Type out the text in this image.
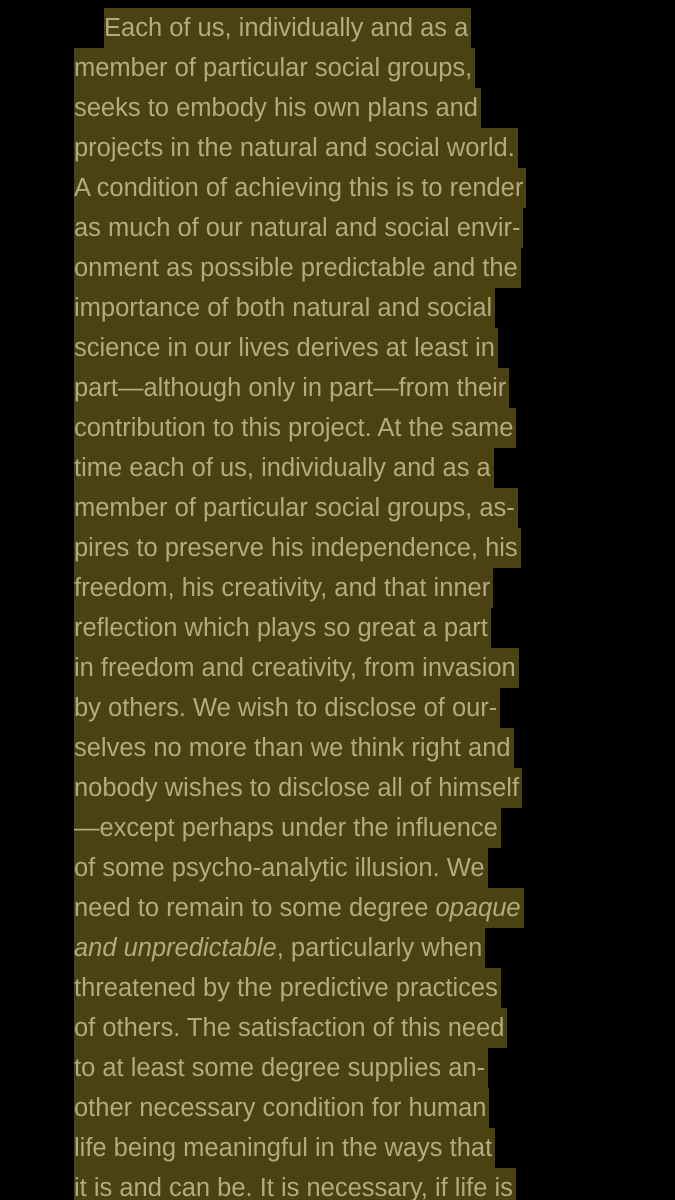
Each of us, individually and as a
member of particular social groups,
seeks to embody his own plans and
projects in the natural and social world.
A condition of achieving this is to render
as much of our natural and social envir-
onment as possible predictable and the
importance of both natural and social
science in our lives derives at least in
part—although only in part—from their
contribution to this project. At the same
time each of us, individually and as a
member of particular social groups, as-
pires to preserve his independence, his
freedom, his creativity, and that inner
reflection which plays so great a part
in freedom and creativity, from invasion
by others. We wish to disclose of our-
selves no more than we think right and
nobody wishes to disclose all of himself
—except perhaps under the influence
of some psycho-analytic illusion. We
need to remain to some degree opaque
and unpredictable, particularly when
threatened by the predictive practices
of others. The satisfaction of this need
to at least some degree supplies an-
other necessary condition for human
life being meaningful in the ways that
it is and can be. It is necessary, if life is
